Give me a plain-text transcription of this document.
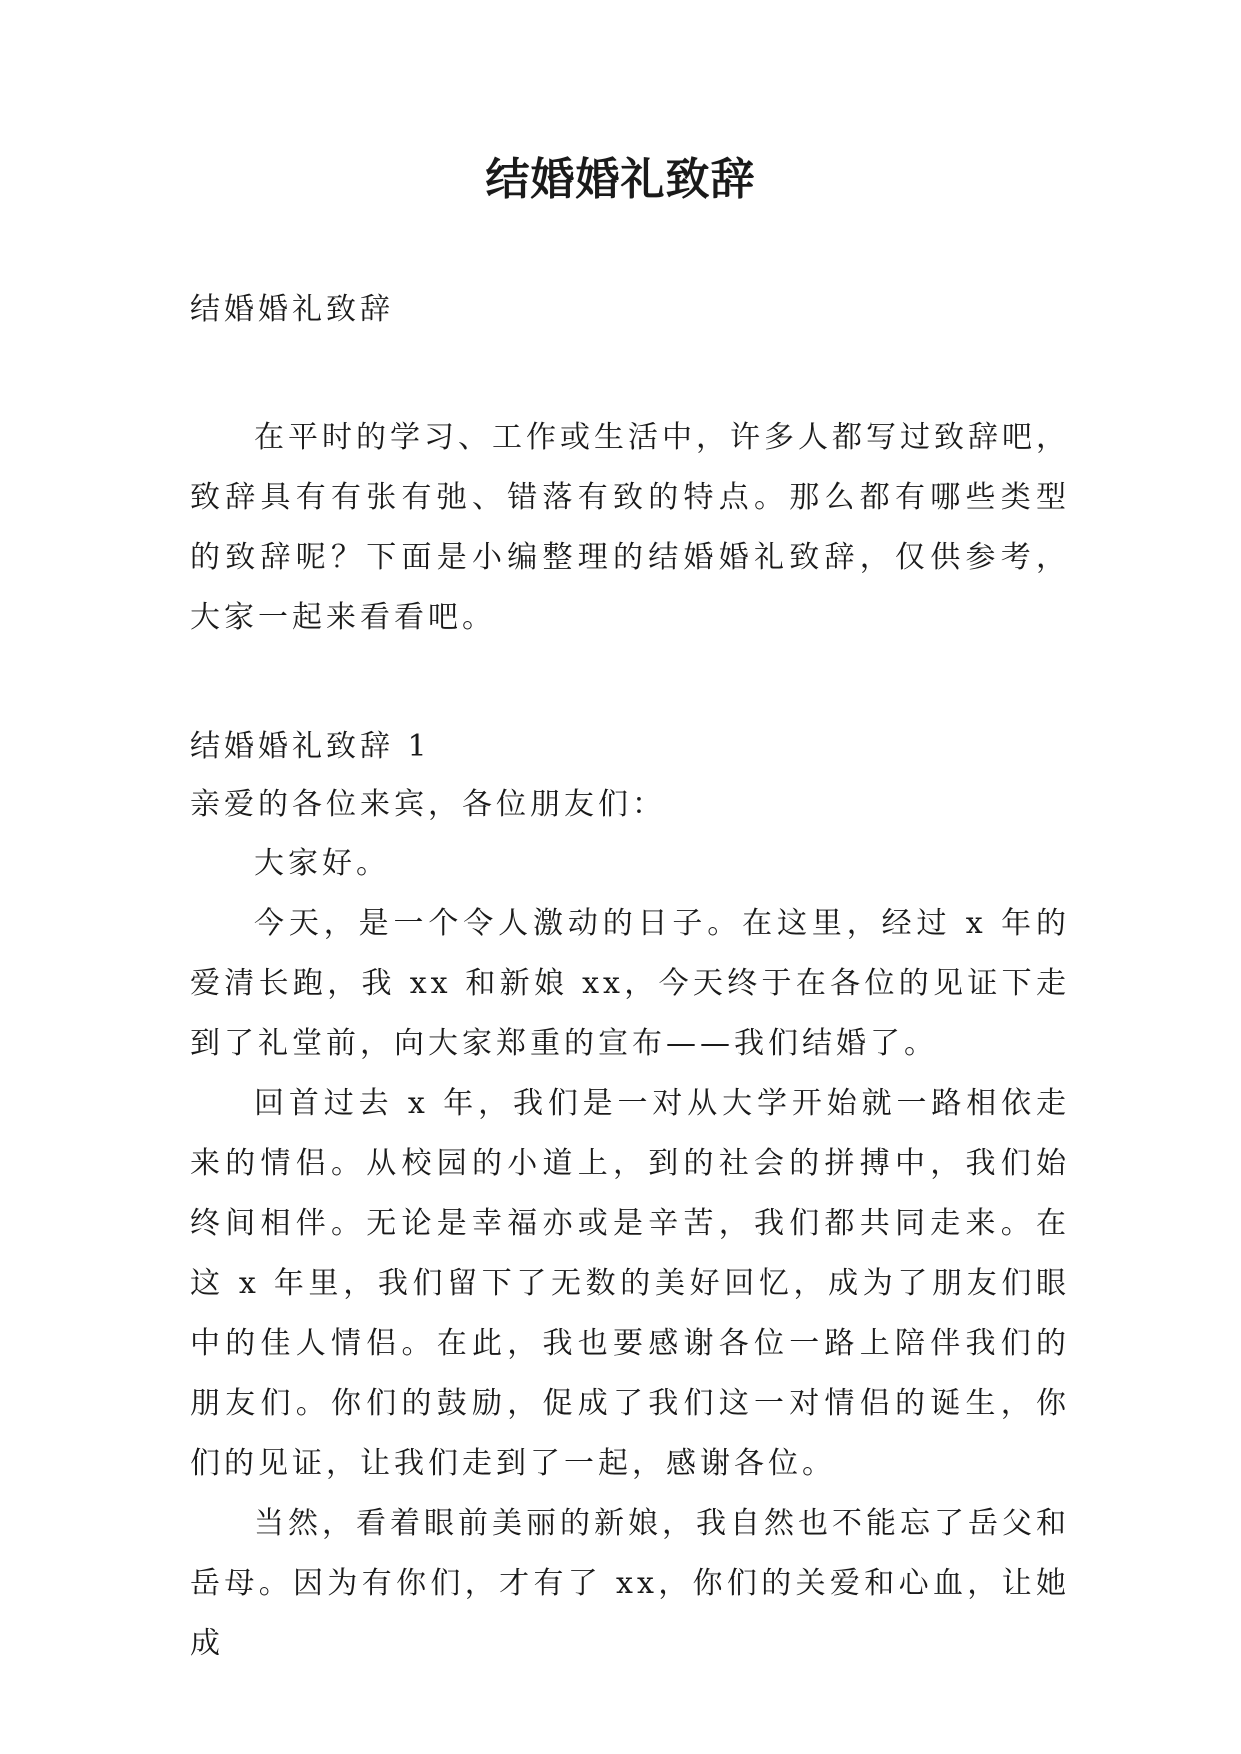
结婚婚礼致辞

结婚婚礼致辞

在平时的学习、工作或生活中，许多人都写过致辞吧，致辞具有有张有弛、错落有致的特点。那么都有哪些类型的致辞呢？下面是小编整理的结婚婚礼致辞，仅供参考，大家一起来看看吧。

结婚婚礼致辞 1

亲爱的各位来宾，各位朋友们：

大家好。

今天，是一个令人激动的日子。在这里，经过 x 年的爱清长跑，我 xx 和新娘 xx，今天终于在各位的见证下走到了礼堂前，向大家郑重的宣布——我们结婚了。

回首过去 x 年，我们是一对从大学开始就一路相依走来的情侣。从校园的小道上，到的社会的拼搏中，我们始终间相伴。无论是幸福亦或是辛苦，我们都共同走来。在这 x 年里，我们留下了无数的美好回忆，成为了朋友们眼中的佳人情侣。在此，我也要感谢各位一路上陪伴我们的朋友们。你们的鼓励，促成了我们这一对情侣的诞生，你们的见证，让我们走到了一起，感谢各位。

当然，看着眼前美丽的新娘，我自然也不能忘了岳父和岳母。因为有你们，才有了 xx，你们的关爱和心血，让她成
